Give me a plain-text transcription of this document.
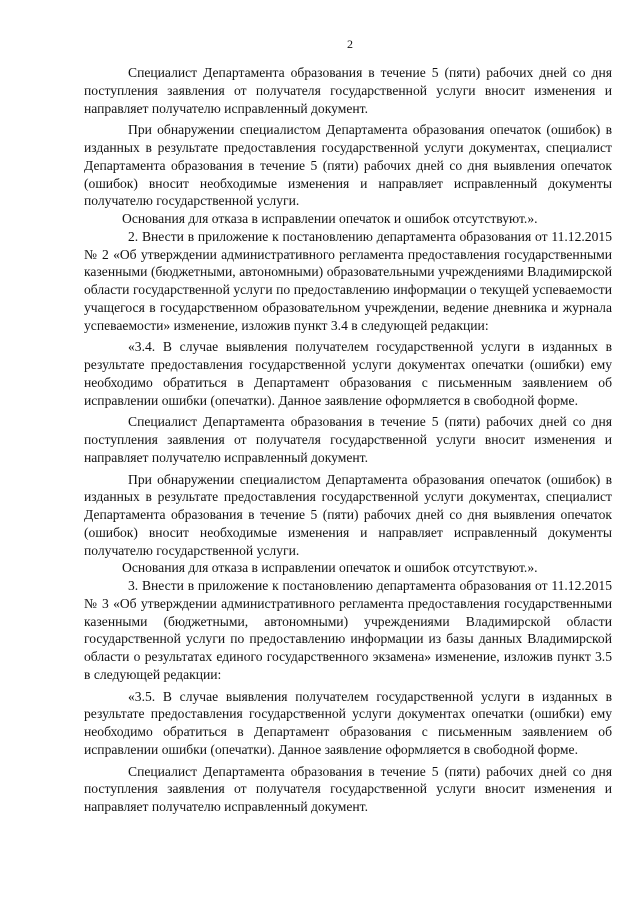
2

Специалист Департамента образования в течение 5 (пяти) рабочих дней со дня поступления заявления от получателя государственной услуги вносит изменения и направляет получателю исправленный документ.

При обнаружении специалистом Департамента образования опечаток (ошибок) в изданных в результате предоставления государственной услуги документах, специалист Департамента образования в течение 5 (пяти) рабочих дней со дня выявления опечаток (ошибок) вносит необходимые изменения и направляет исправленный документы получателю государственной услуги.

Основания для отказа в исправлении опечаток и ошибок отсутствуют.».

2. Внести в приложение к постановлению департамента образования от 11.12.2015 № 2 «Об утверждении административного регламента предоставления государственными казенными (бюджетными, автономными) образовательными учреждениями Владимирской области государственной услуги по предоставлению информации о текущей успеваемости учащегося в государственном образовательном учреждении, ведение дневника и журнала успеваемости» изменение, изложив пункт 3.4 в следующей редакции:

«3.4. В случае выявления получателем государственной услуги в изданных в результате предоставления государственной услуги документах опечатки (ошибки) ему необходимо обратиться в Департамент образования с письменным заявлением об исправлении ошибки (опечатки). Данное заявление оформляется в свободной форме.

Специалист Департамента образования в течение 5 (пяти) рабочих дней со дня поступления заявления от получателя государственной услуги вносит изменения и направляет получателю исправленный документ.

При обнаружении специалистом Департамента образования опечаток (ошибок) в изданных в результате предоставления государственной услуги документах, специалист Департамента образования в течение 5 (пяти) рабочих дней со дня выявления опечаток (ошибок) вносит необходимые изменения и направляет исправленный документы получателю государственной услуги.

Основания для отказа в исправлении опечаток и ошибок отсутствуют.».

3. Внести в приложение к постановлению департамента образования от 11.12.2015 № 3 «Об утверждении административного регламента предоставления государственными казенными (бюджетными, автономными) учреждениями Владимирской области государственной услуги по предоставлению информации из базы данных Владимирской области о результатах единого государственного экзамена» изменение, изложив пункт 3.5 в следующей редакции:

«3.5. В случае выявления получателем государственной услуги в изданных в результате предоставления государственной услуги документах опечатки (ошибки) ему необходимо обратиться в Департамент образования с письменным заявлением об исправлении ошибки (опечатки). Данное заявление оформляется в свободной форме.

Специалист Департамента образования в течение 5 (пяти) рабочих дней со дня поступления заявления от получателя государственной услуги вносит изменения и направляет получателю исправленный документ.
